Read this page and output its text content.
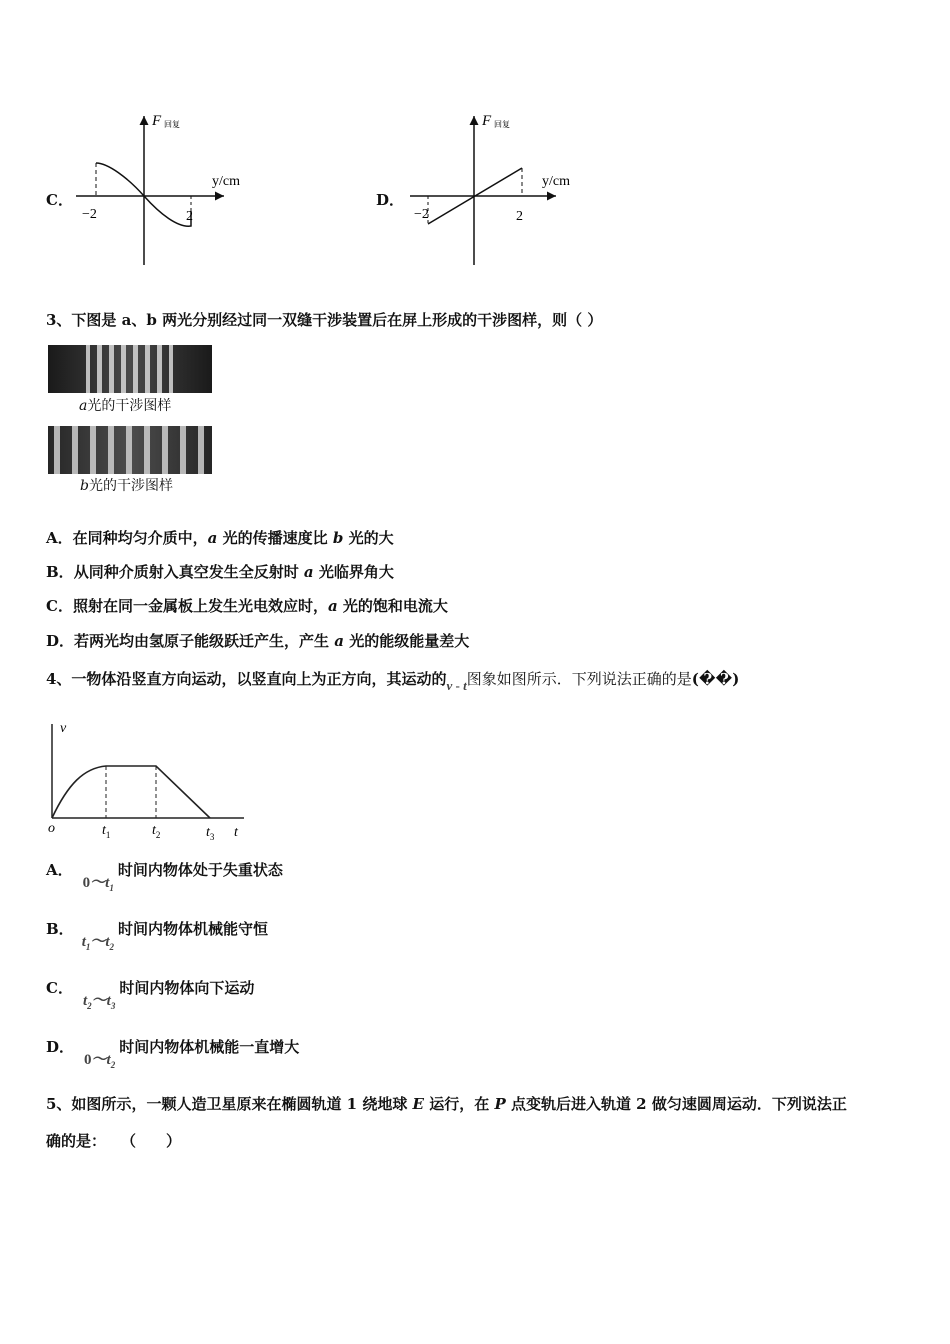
C．
F 回复
y/cm
−2	2
D．
F 回复
y/cm
−2	2
3、下图是 a、b 两光分别经过同一双缝干涉装置后在屏上形成的干涉图样，则（ ）
a光的干涉图样
b光的干涉图样
A．在同种均匀介质中，a 光的传播速度比 b 光的大
B．从同种介质射入真空发生全反射时 a 光临界角大
C．照射在同一金属板上发生光电效应时，a 光的饱和电流大
D．若两光均由氢原子能级跃迁产生，产生 a 光的能级能量差大
4、一物体沿竖直方向运动，以竖直向上为正方向，其运动的v - t图象如图所示．下列说法正确的是(��)
v
o	$t_1$	$t_2$	$t_3$ t
A．$0\sim t_1$时间内物体处于失重状态
B．$t_1\sim t_2$时间内物体机械能守恒
C．$t_2\sim t_3$时间内物体向下运动
D．$0\sim t_2$时间内物体机械能一直增大
5、如图所示，一颗人造卫星原来在椭圆轨道 1 绕地球 E 运行，在 P 点变轨后进入轨道 2 做匀速圆周运动．下列说法正
确的是：　　（　　）
